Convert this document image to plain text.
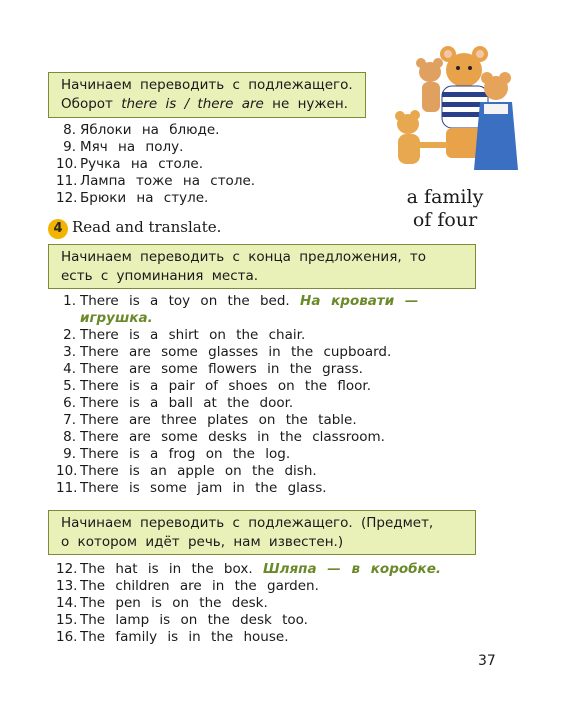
Начинаем переводить с подлежащего.
Оборот there is / there are не нужен.
8. Яблоки на блюде.
9. Мяч на полу.
10. Ручка на столе.
11. Лампа тоже на столе.
12. Брюки на стуле.	a family
of four
4 Read and translate.
Начинаем переводить с конца предложения, то
есть с упоминания места.
1. There is a toy on the bed. На кровати —
игрушка.
2. There is a shirt on the chair.
3. There are some glasses in the cupboard.
4. There are some flowers in the grass.
5. There is a pair of shoes on the floor.
6. There is a ball at the door.
7. There are three plates on the table.
8. There are some desks in the classroom.
9. There is a frog on the log.
10. There is an apple on the dish.
11. There is some jam in the glass.
Начинаем переводить с подлежащего. (Предмет,
о котором идёт речь, нам известен.)
12. The hat is in the box. Шляпа — в коробке.
13. The children are in the garden.
14. The pen is on the desk.
15. The lamp is on the desk too.
16. The family is in the house.
37
